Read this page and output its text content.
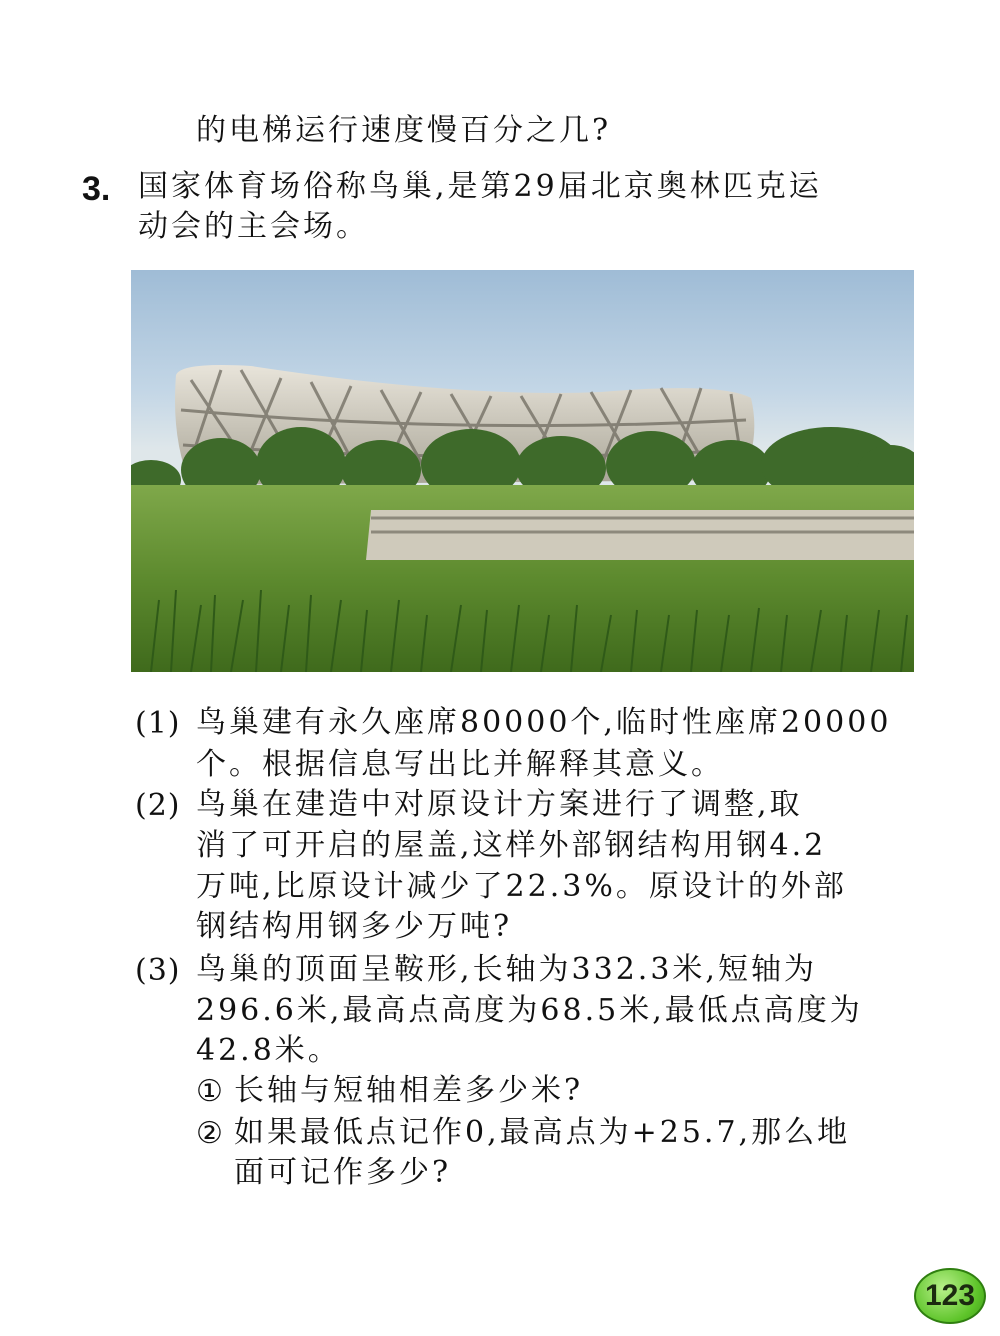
的电梯运行速度慢百分之几?
3. 国家体育场俗称鸟巢,是第29届北京奥林匹克运
动会的主会场。
(1) 鸟巢建有永久座席80000个,临时性座席20000
个。根据信息写出比并解释其意义。
(2) 鸟巢在建造中对原设计方案进行了调整,取
消了可开启的屋盖,这样外部钢结构用钢4.2
万吨,比原设计减少了22.3%。原设计的外部
钢结构用钢多少万吨?
(3) 鸟巢的顶面呈鞍形,长轴为332.3米,短轴为
296.6米,最高点高度为68.5米,最低点高度为
42.8米。
① 长轴与短轴相差多少米?
② 如果最低点记作0,最高点为+25.7,那么地
面可记作多少?
123
